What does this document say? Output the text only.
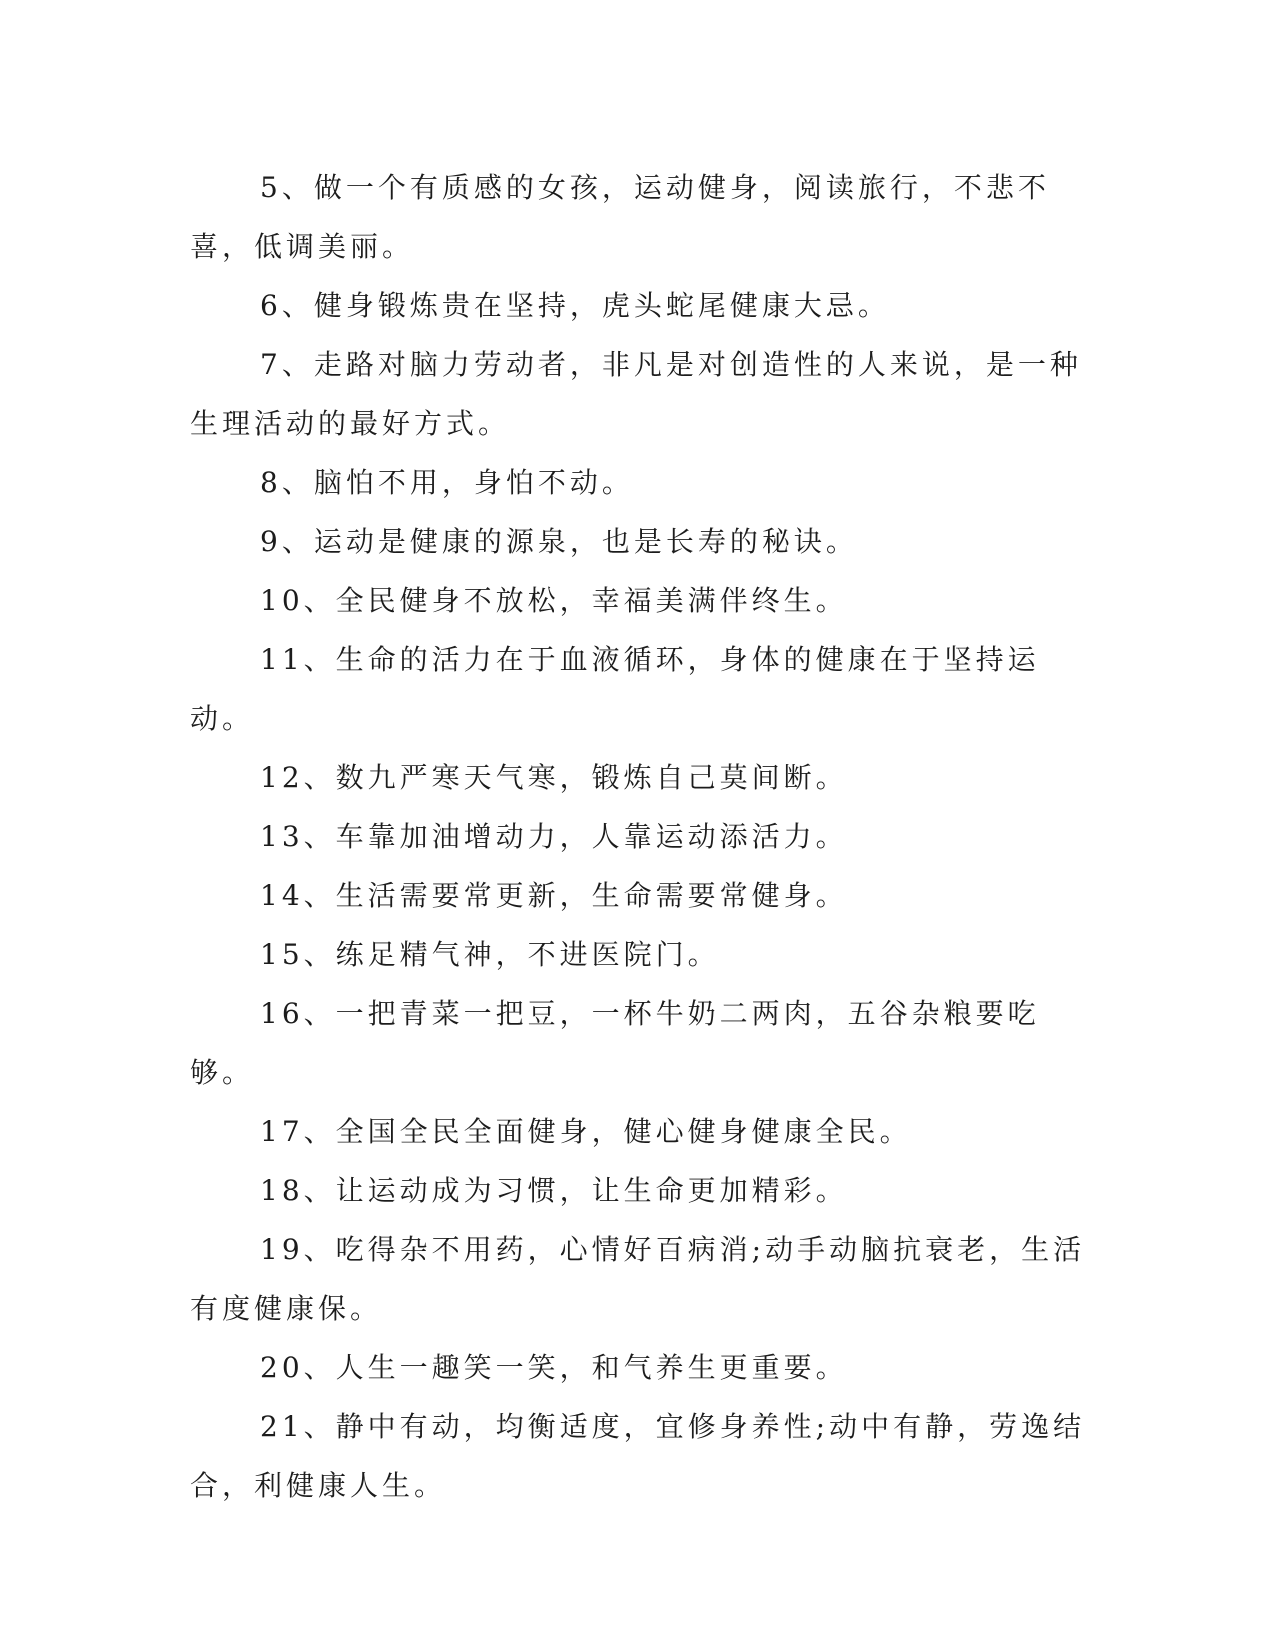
5、做一个有质感的女孩，运动健身，阅读旅行，不悲不喜，低调美丽。

6、健身锻炼贵在坚持，虎头蛇尾健康大忌。

7、走路对脑力劳动者，非凡是对创造性的人来说，是一种生理活动的最好方式。

8、脑怕不用，身怕不动。

9、运动是健康的源泉，也是长寿的秘诀。

10、全民健身不放松，幸福美满伴终生。

11、生命的活力在于血液循环，身体的健康在于坚持运动。

12、数九严寒天气寒，锻炼自己莫间断。

13、车靠加油增动力，人靠运动添活力。

14、生活需要常更新，生命需要常健身。

15、练足精气神，不进医院门。

16、一把青菜一把豆，一杯牛奶二两肉，五谷杂粮要吃够。

17、全国全民全面健身，健心健身健康全民。

18、让运动成为习惯，让生命更加精彩。

19、吃得杂不用药，心情好百病消;动手动脑抗衰老，生活有度健康保。

20、人生一趣笑一笑，和气养生更重要。

21、静中有动，均衡适度，宜修身养性;动中有静，劳逸结合，利健康人生。
